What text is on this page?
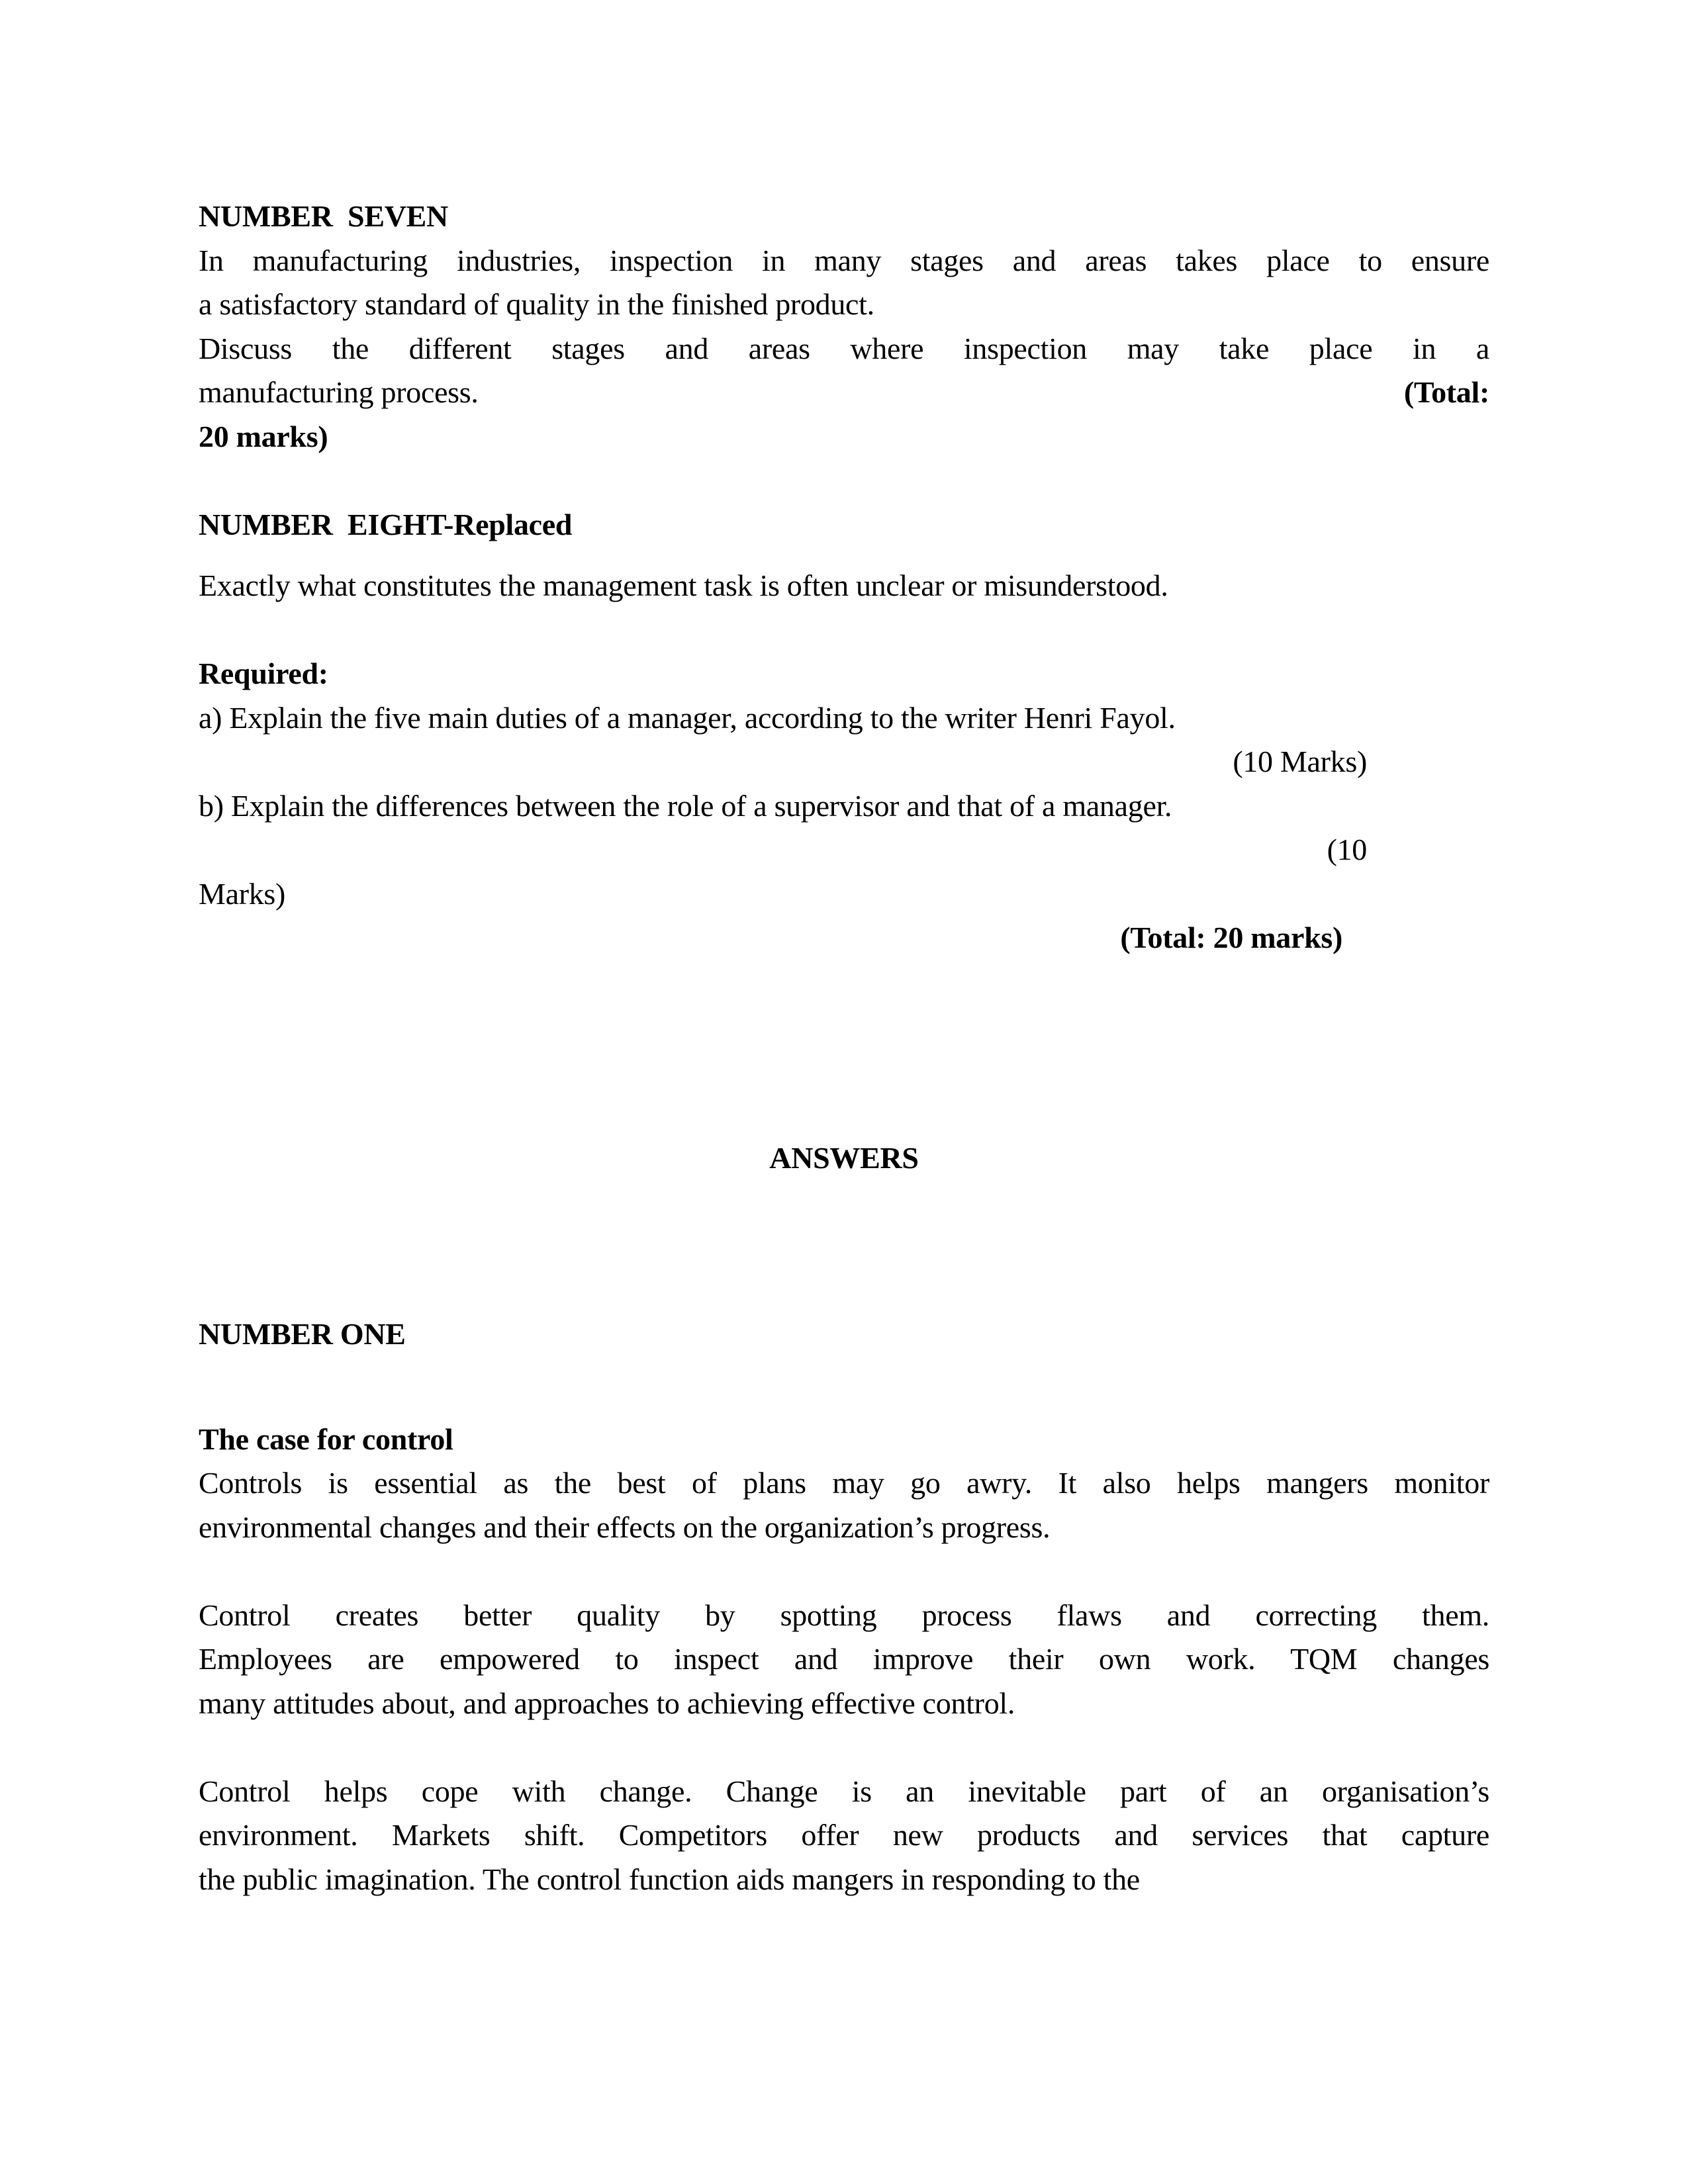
NUMBER  SEVEN
In manufacturing industries, inspection in many stages and areas takes place to ensure
a satisfactory standard of quality in the finished product.
Discuss the different stages and areas where inspection may take place in a
manufacturing process.	(Total:
20 marks)
NUMBER  EIGHT-Replaced
Exactly what constitutes the management task is often unclear or misunderstood.
Required:
a) Explain the five main duties of a manager, according to the writer Henri Fayol.
(10 Marks)
b) Explain the differences between the role of a supervisor and that of a manager.
(10
Marks)
(Total: 20 marks)
ANSWERS
NUMBER ONE
The case for control
Controls is essential as the best of plans may go awry. It also helps mangers monitor
environmental changes and their effects on the organization’s progress.
Control creates better quality by spotting process flaws and correcting them.
Employees are empowered to inspect and improve their own work. TQM changes
many attitudes about, and approaches to achieving effective control.
Control helps cope with change. Change is an inevitable part of an organisation’s
environment. Markets shift. Competitors offer new products and services that capture
the public imagination. The control function aids mangers in responding to the
